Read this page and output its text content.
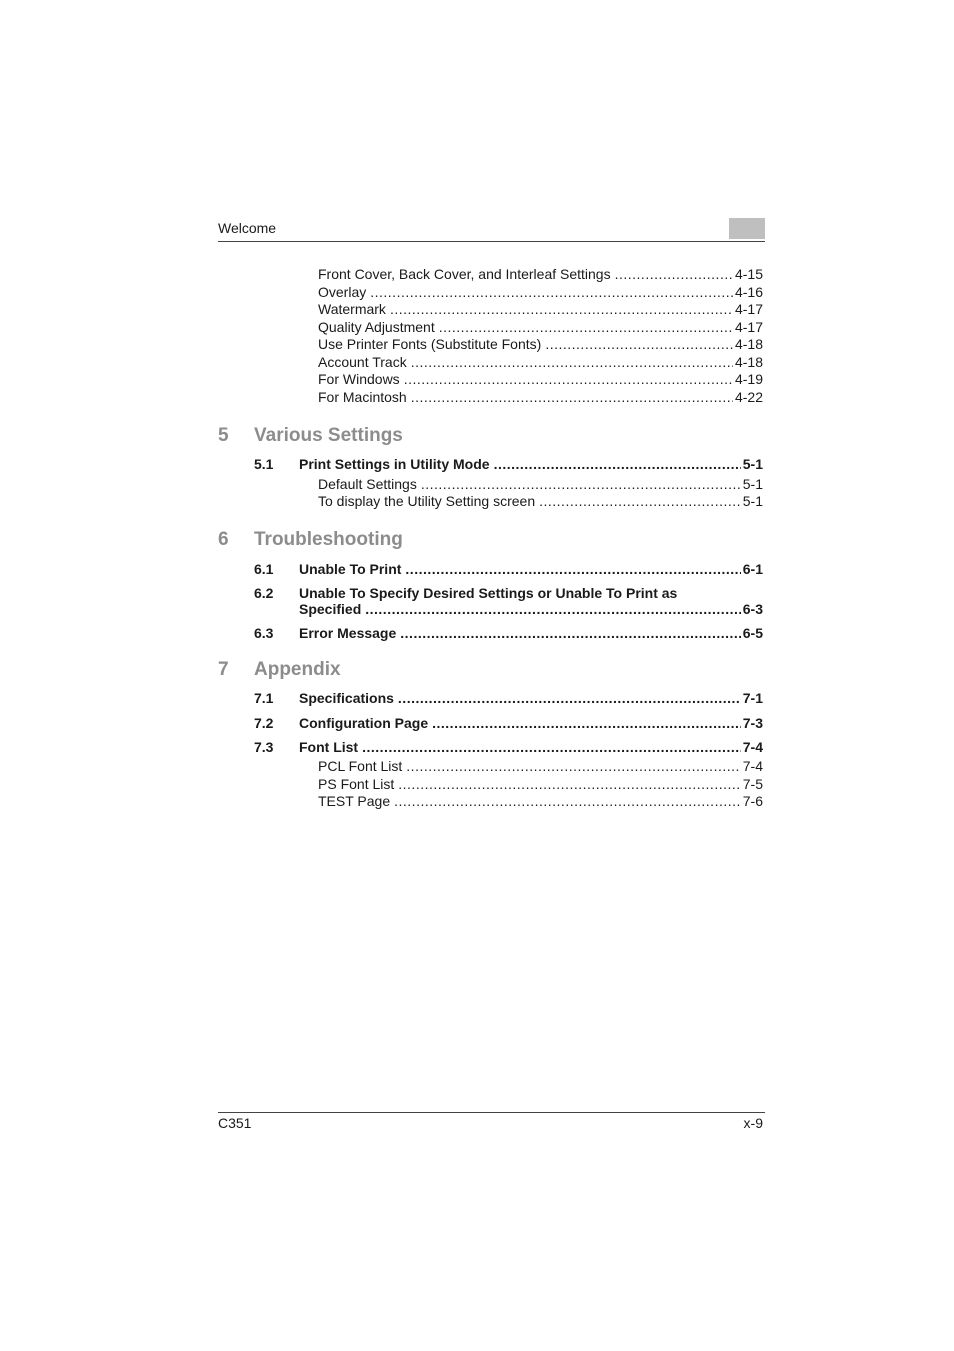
Welcome
Front Cover, Back Cover, and Interleaf Settings .....	4-15
Overlay .....	4-16
Watermark .....	4-17
Quality Adjustment .....	4-17
Use Printer Fonts (Substitute Fonts) .....	4-18
Account Track .....	4-18
For Windows .....	4-19
For Macintosh .....	4-22
5 Various Settings
5.1 Print Settings in Utility Mode .....	5-1
Default Settings .....	5-1
To display the Utility Setting screen .....	5-1
6 Troubleshooting
6.1 Unable To Print .....	6-1
6.2 Unable To Specify Desired Settings or Unable To Print as
Specified .....	6-3
6.3 Error Message .....	6-5
7 Appendix
7.1 Specifications .....	7-1
7.2 Configuration Page .....	7-3
7.3 Font List .....	7-4
PCL Font List .....	7-4
PS Font List .....	7-5
TEST Page .....	7-6
C351	x-9
